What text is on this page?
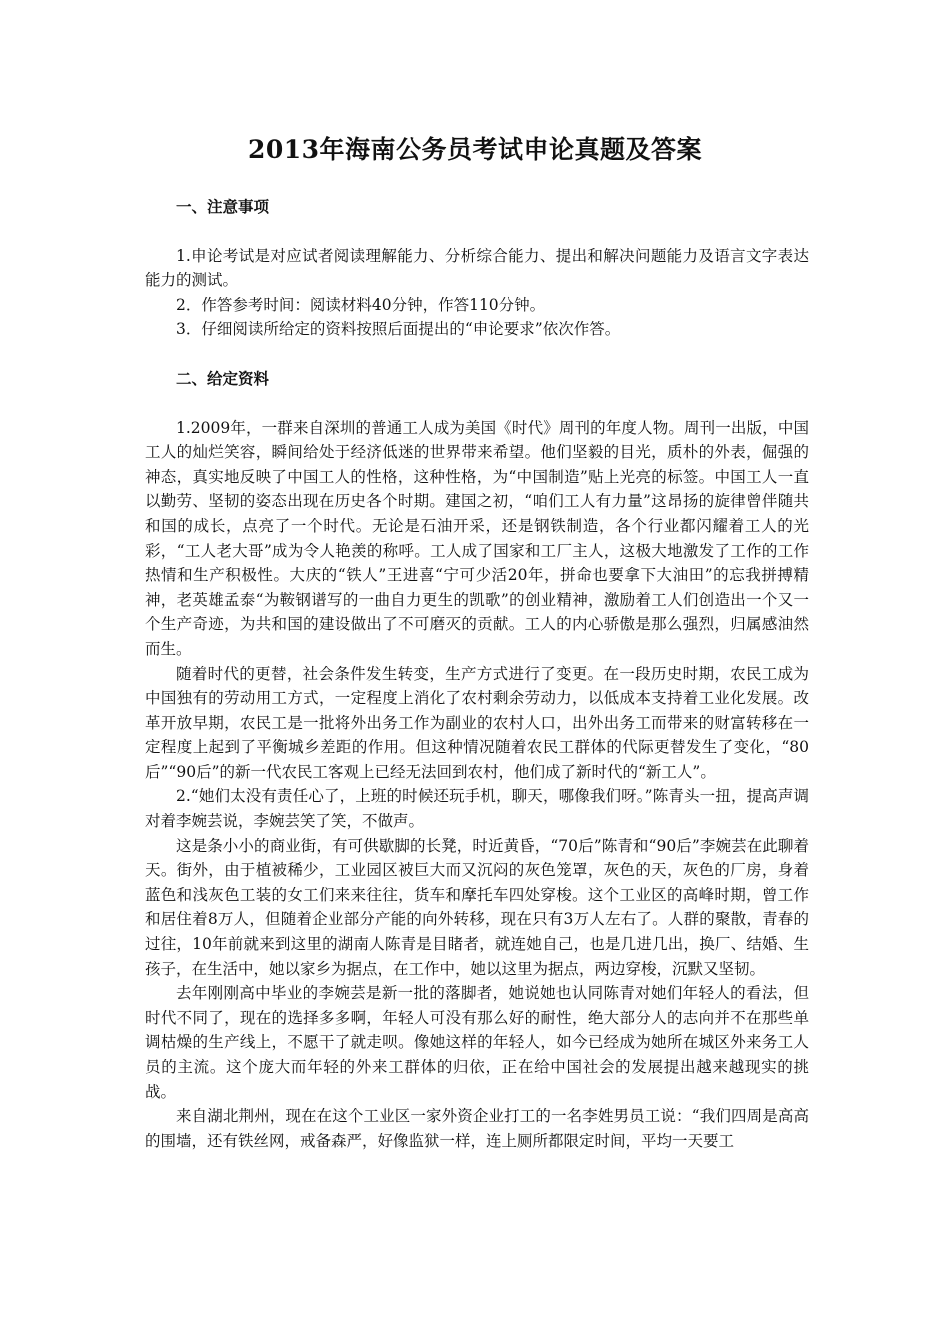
2013年海南公务员考试申论真题及答案
一、注意事项

1.申论考试是对应试者阅读理解能力、分析综合能力、提出和解决问题能力及语言文字表达能力的测试。

2．作答参考时间：阅读材料40分钟，作答110分钟。

3．仔细阅读所给定的资料按照后面提出的“申论要求”依次作答。

二、给定资料

1.2009年，一群来自深圳的普通工人成为美国《时代》周刊的年度人物。周刊一出版，中国工人的灿烂笑容，瞬间给处于经济低迷的世界带来希望。他们坚毅的目光，质朴的外表，倔强的神态，真实地反映了中国工人的性格，这种性格，为“中国制造”贴上光亮的标签。中国工人一直以勤劳、坚韧的姿态出现在历史各个时期。建国之初，“咱们工人有力量”这昂扬的旋律曾伴随共和国的成长，点亮了一个时代。无论是石油开采，还是钢铁制造，各个行业都闪耀着工人的光彩，“工人老大哥”成为令人艳羡的称呼。工人成了国家和工厂主人，这极大地激发了工作的工作热情和生产积极性。大庆的“铁人”王进喜“宁可少活20年，拼命也要拿下大油田”的忘我拼搏精神，老英雄孟泰“为鞍钢谱写的一曲自力更生的凯歌”的创业精神，激励着工人们创造出一个又一个生产奇迹，为共和国的建设做出了不可磨灭的贡献。工人的内心骄傲是那么强烈，归属感油然而生。

随着时代的更替，社会条件发生转变，生产方式进行了变更。在一段历史时期，农民工成为中国独有的劳动用工方式，一定程度上消化了农村剩余劳动力，以低成本支持着工业化发展。改革开放早期，农民工是一批将外出务工作为副业的农村人口，出外出务工而带来的财富转移在一定程度上起到了平衡城乡差距的作用。但这种情况随着农民工群体的代际更替发生了变化，“80后”“90后”的新一代农民工客观上已经无法回到农村，他们成了新时代的“新工人”。

2.“她们太没有责任心了，上班的时候还玩手机，聊天，哪像我们呀。”陈青头一扭，提高声调对着李婉芸说，李婉芸笑了笑，不做声。

这是条小小的商业街，有可供歇脚的长凳，时近黄昏，“70后”陈青和“90后”李婉芸在此聊着天。街外，由于植被稀少，工业园区被巨大而又沉闷的灰色笼罩，灰色的天，灰色的厂房，身着蓝色和浅灰色工装的女工们来来往往，货车和摩托车四处穿梭。这个工业区的高峰时期，曾工作和居住着8万人，但随着企业部分产能的向外转移，现在只有3万人左右了。人群的聚散，青春的过往，10年前就来到这里的湖南人陈青是目睹者，就连她自己，也是几进几出，换厂、结婚、生孩子，在生活中，她以家乡为据点，在工作中，她以这里为据点，两边穿梭，沉默又坚韧。

去年刚刚高中毕业的李婉芸是新一批的落脚者，她说她也认同陈青对她们年轻人的看法，但时代不同了，现在的选择多多啊，年轻人可没有那么好的耐性，绝大部分人的志向并不在那些单调枯燥的生产线上，不愿干了就走呗。像她这样的年轻人，如今已经成为她所在城区外来务工人员的主流。这个庞大而年轻的外来工群体的归依，正在给中国社会的发展提出越来越现实的挑战。

来自湖北荆州，现在在这个工业区一家外资企业打工的一名李姓男员工说：“我们四周是高高的围墙，还有铁丝网，戒备森严，好像监狱一样，连上厕所都限定时间，平均一天要工
